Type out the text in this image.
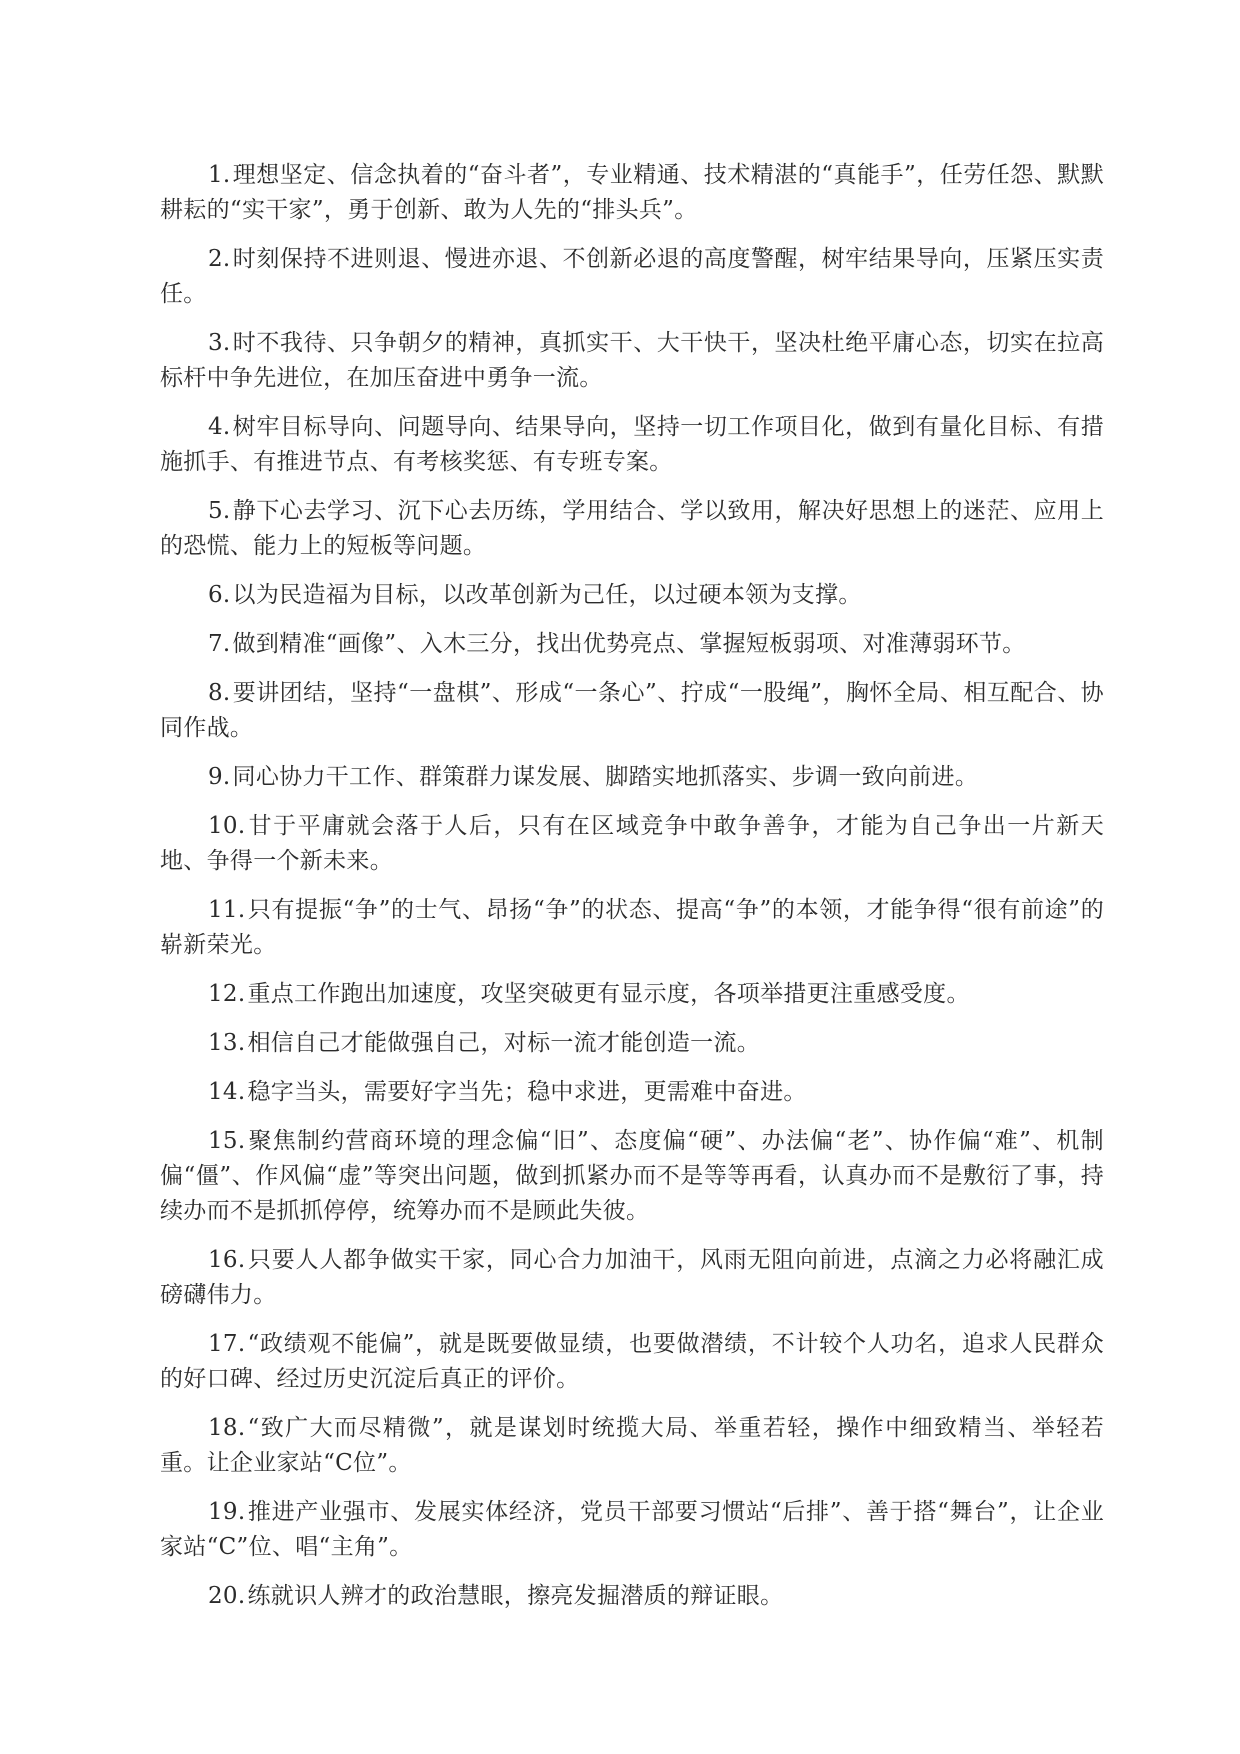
1.理想坚定、信念执着的“奋斗者”，专业精通、技术精湛的“真能手”，任劳任怨、默默耕耘的“实干家”，勇于创新、敢为人先的“排头兵”。

2.时刻保持不进则退、慢进亦退、不创新必退的高度警醒，树牢结果导向，压紧压实责任。

3.时不我待、只争朝夕的精神，真抓实干、大干快干，坚决杜绝平庸心态，切实在拉高标杆中争先进位，在加压奋进中勇争一流。

4.树牢目标导向、问题导向、结果导向，坚持一切工作项目化，做到有量化目标、有措施抓手、有推进节点、有考核奖惩、有专班专案。

5.静下心去学习、沉下心去历练，学用结合、学以致用，解决好思想上的迷茫、应用上的恐慌、能力上的短板等问题。

6.以为民造福为目标，以改革创新为己任，以过硬本领为支撑。

7.做到精准“画像”、入木三分，找出优势亮点、掌握短板弱项、对准薄弱环节。

8.要讲团结，坚持“一盘棋”、形成“一条心”、拧成“一股绳”，胸怀全局、相互配合、协同作战。

9.同心协力干工作、群策群力谋发展、脚踏实地抓落实、步调一致向前进。

10.甘于平庸就会落于人后，只有在区域竞争中敢争善争，才能为自己争出一片新天地、争得一个新未来。

11.只有提振“争”的士气、昂扬“争”的状态、提高“争”的本领，才能争得“很有前途”的崭新荣光。

12.重点工作跑出加速度，攻坚突破更有显示度，各项举措更注重感受度。

13.相信自己才能做强自己，对标一流才能创造一流。

14.稳字当头，需要好字当先；稳中求进，更需难中奋进。

15.聚焦制约营商环境的理念偏“旧”、态度偏“硬”、办法偏“老”、协作偏“难”、机制偏“僵”、作风偏“虚”等突出问题，做到抓紧办而不是等等再看，认真办而不是敷衍了事，持续办而不是抓抓停停，统筹办而不是顾此失彼。

16.只要人人都争做实干家，同心合力加油干，风雨无阻向前进，点滴之力必将融汇成磅礴伟力。

17.“政绩观不能偏”，就是既要做显绩，也要做潜绩，不计较个人功名，追求人民群众的好口碑、经过历史沉淀后真正的评价。

18.“致广大而尽精微”，就是谋划时统揽大局、举重若轻，操作中细致精当、举轻若重。让企业家站“C位”。

19.推进产业强市、发展实体经济，党员干部要习惯站“后排”、善于搭“舞台”，让企业家站“C”位、唱“主角”。

20.练就识人辨才的政治慧眼，擦亮发掘潜质的辩证眼。
